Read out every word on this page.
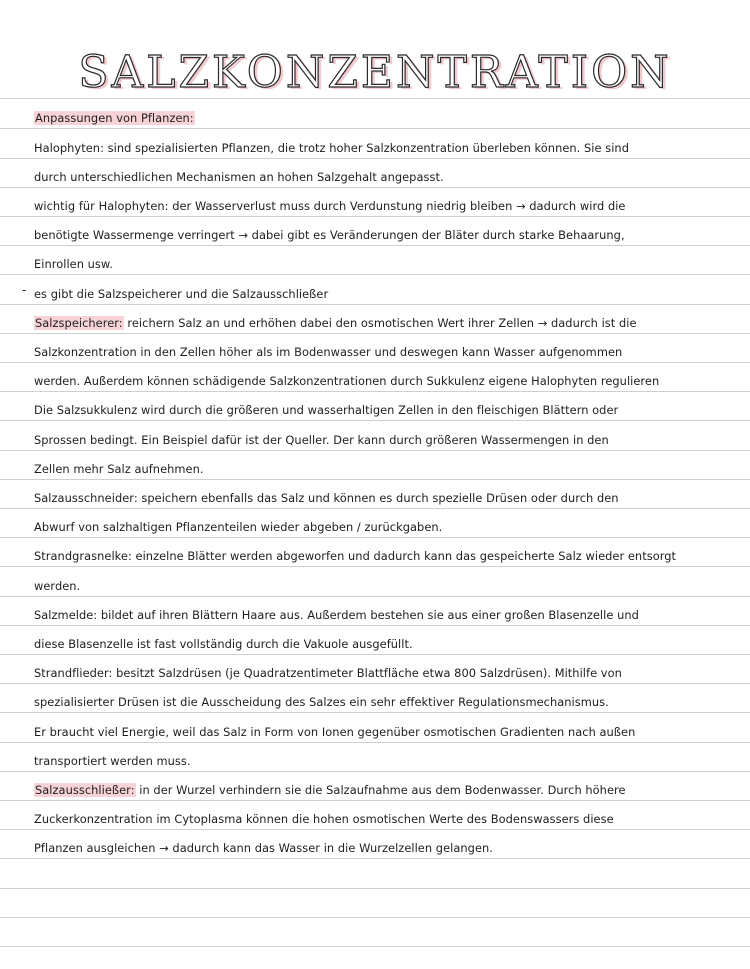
SALZKONZENTRATION
Anpassungen von Pflanzen:
Halophyten: sind spezialisierten Pflanzen, die trotz hoher Salzkonzentration überleben können. Sie sind
durch unterschiedlichen Mechanismen an hohen Salzgehalt angepasst.
wichtig für Halophyten: der Wasserverlust muss durch Verdunstung niedrig bleiben → dadurch wird die
benötigte Wassermenge verringert → dabei gibt es Veränderungen der Bläter durch starke Behaarung,
Einrollen usw.
- es gibt die Salzspeicherer und die Salzausschließer
Salzspeicherer: reichern Salz an und erhöhen dabei den osmotischen Wert ihrer Zellen → dadurch ist die
Salzkonzentration in den Zellen höher als im Bodenwasser und deswegen kann Wasser aufgenommen
werden. Außerdem können schädigende Salzkonzentrationen durch Sukkulenz eigene Halophyten regulieren
Die Salzsukkulenz wird durch die größeren und wasserhaltigen Zellen in den fleischigen Blättern oder
Sprossen bedingt. Ein Beispiel dafür ist der Queller. Der kann durch größeren Wassermengen in den
Zellen mehr Salz aufnehmen.
Salzausschneider: speichern ebenfalls das Salz und können es durch spezielle Drüsen oder durch den
Abwurf von salzhaltigen Pflanzenteilen wieder abgeben / zurückgaben.
Strandgrasnelke: einzelne Blätter werden abgeworfen und dadurch kann das gespeicherte Salz wieder entsorgt
werden.
Salzmelde: bildet auf ihren Blättern Haare aus. Außerdem bestehen sie aus einer großen Blasenzelle und
diese Blasenzelle ist fast vollständig durch die Vakuole ausgefüllt.
Strandflieder: besitzt Salzdrüsen (je Quadratzentimeter Blattfläche etwa 800 Salzdrüsen). Mithilfe von
spezialisierter Drüsen ist die Ausscheidung des Salzes ein sehr effektiver Regulationsmechanismus.
Er braucht viel Energie, weil das Salz in Form von Ionen gegenüber osmotischen Gradienten nach außen
transportiert werden muss.
Salzausschließer: in der Wurzel verhindern sie die Salzaufnahme aus dem Bodenwasser. Durch höhere
Zuckerkonzentration im Cytoplasma können die hohen osmotischen Werte des Bodenswassers diese
Pflanzen ausgleichen → dadurch kann das Wasser in die Wurzelzellen gelangen.
